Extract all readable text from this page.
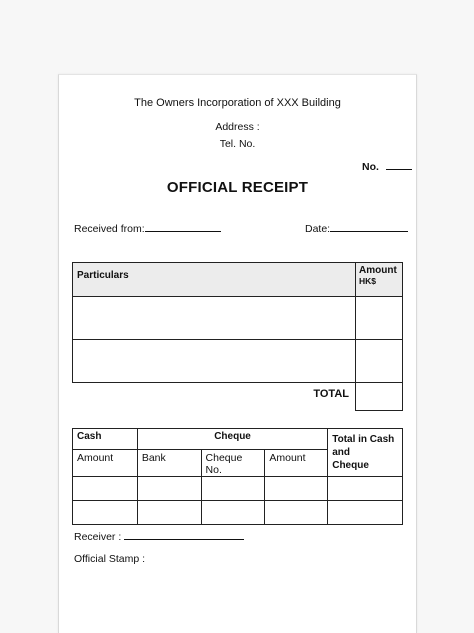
The Owners Incorporation of XXX Building
Address :
Tel. No.
No.
OFFICIAL RECEIPT
Received from:	Date:
Particulars	Amount
HK$

TOTAL	
Cash	Cheque			Total in Cash and
Cheque

Amount	Bank	Cheque No.	Amount	

Receiver :
Official Stamp :
